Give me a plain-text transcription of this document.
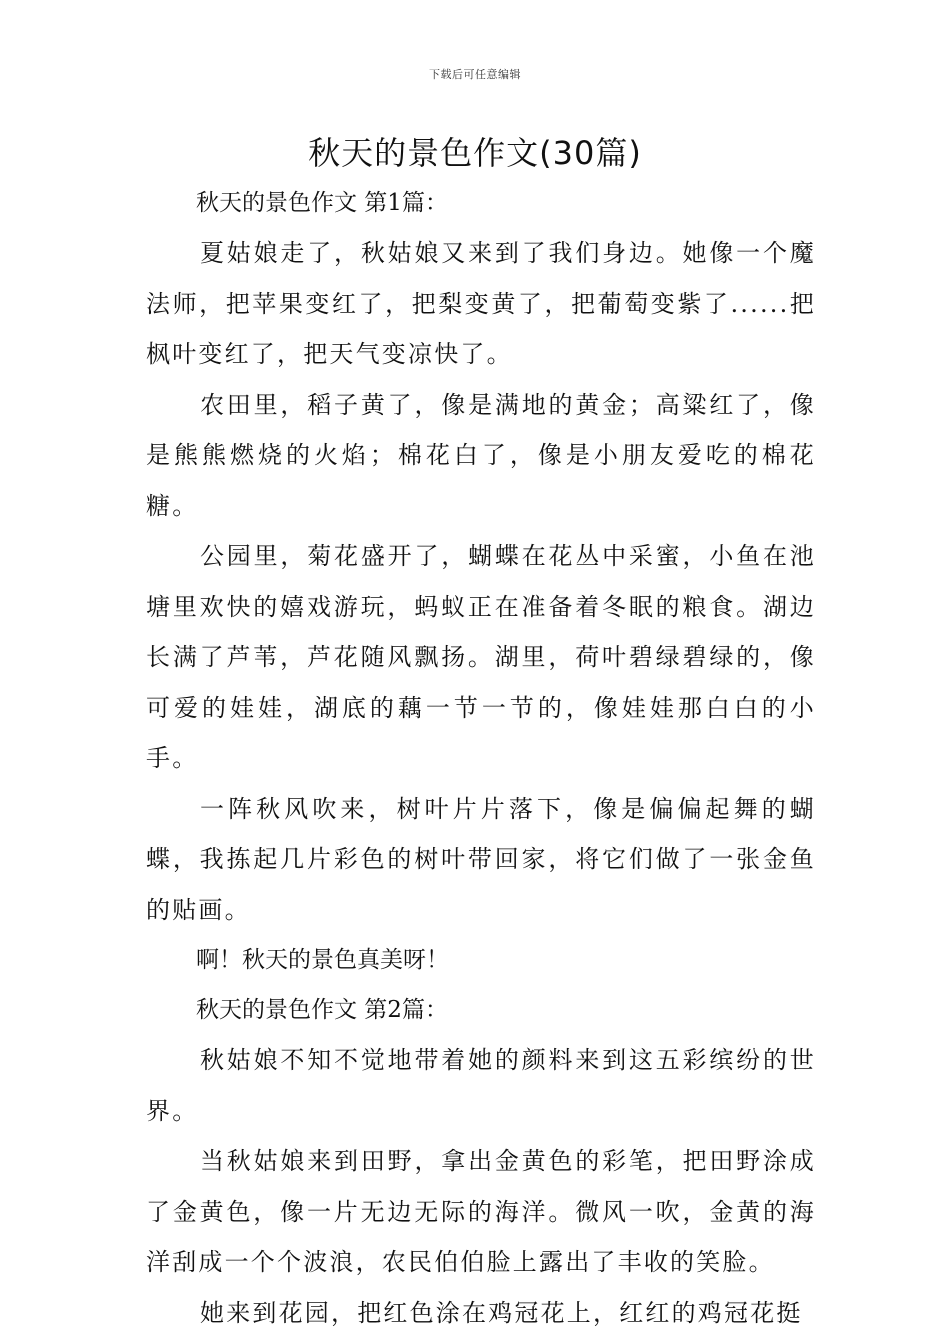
下载后可任意编辑
秋天的景色作文(30篇)

秋天的景色作文 第1篇：

夏姑娘走了，秋姑娘又来到了我们身边。她像一个魔法师，把苹果变红了，把梨变黄了，把葡萄变紫了......把枫叶变红了，把天气变凉快了。

农田里，稻子黄了，像是满地的黄金；高粱红了，像是熊熊燃烧的火焰；棉花白了，像是小朋友爱吃的棉花糖。

公园里，菊花盛开了，蝴蝶在花丛中采蜜，小鱼在池塘里欢快的嬉戏游玩，蚂蚁正在准备着冬眠的粮食。湖边长满了芦苇，芦花随风飘扬。湖里，荷叶碧绿碧绿的，像可爱的娃娃，湖底的藕一节一节的，像娃娃那白白的小手。

一阵秋风吹来，树叶片片落下，像是偏偏起舞的蝴蝶，我拣起几片彩色的树叶带回家，将它们做了一张金鱼的贴画。

啊！秋天的景色真美呀！

秋天的景色作文 第2篇：

秋姑娘不知不觉地带着她的颜料来到这五彩缤纷的世界。

当秋姑娘来到田野，拿出金黄色的彩笔，把田野涂成了金黄色，像一片无边无际的海洋。微风一吹，金黄的海洋刮成一个个波浪，农民伯伯脸上露出了丰收的笑脸。

她来到花园，把红色涂在鸡冠花上，红红的鸡冠花挺
